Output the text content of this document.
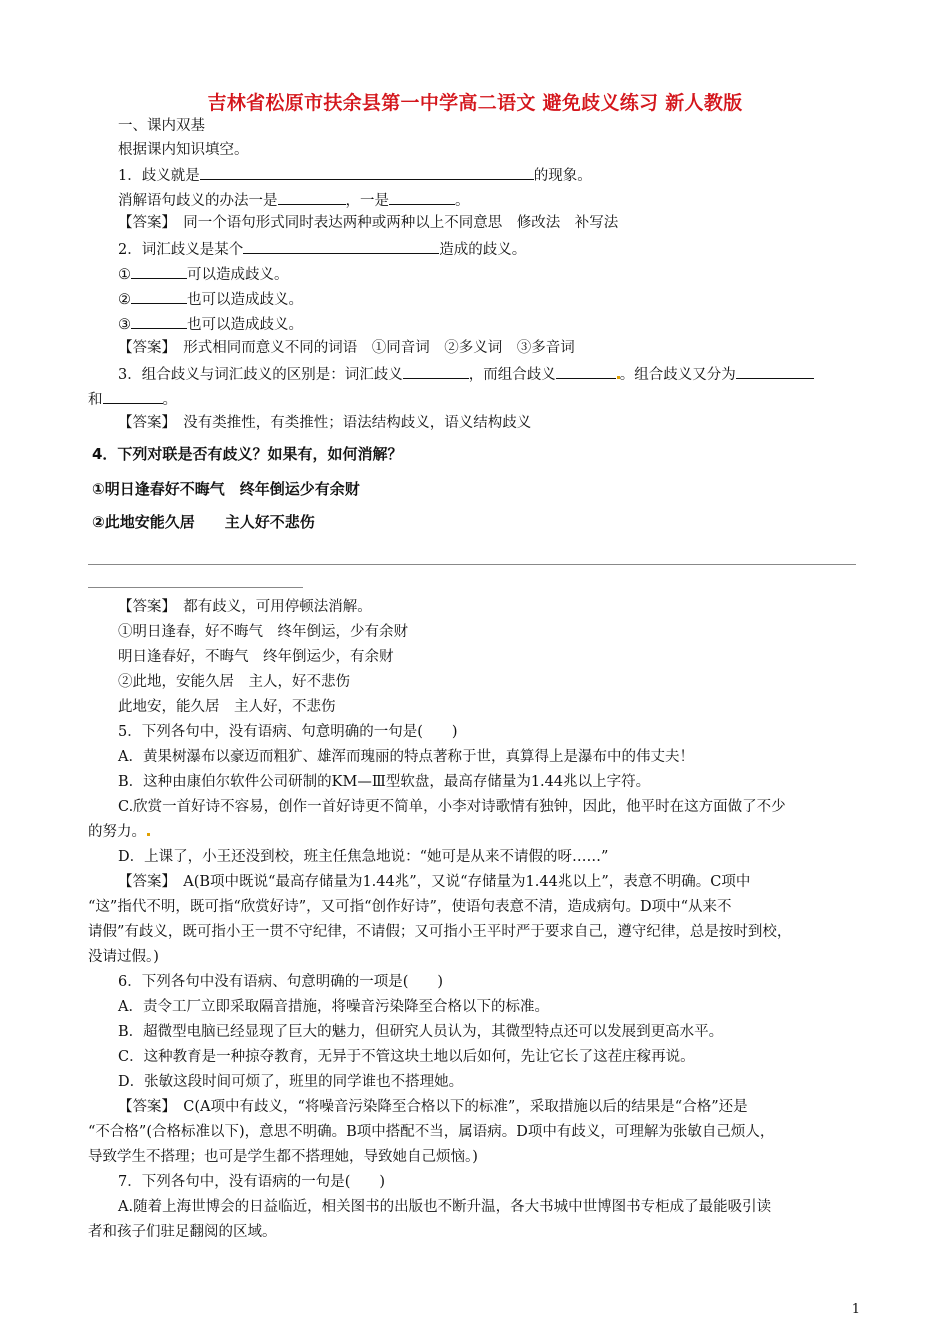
吉林省松原市扶余县第一中学高二语文 避免歧义练习 新人教版
一、课内双基
根据课内知识填空。
1．歧义就是	的现象。
消解语句歧义的办法一是	，一是	。
【答案】　同一个语句形式同时表达两种或两种以上不同意思　修改法　补写法
2．词汇歧义是某个	造成的歧义。
①	可以造成歧义。
②	也可以造成歧义。
③	也可以造成歧义。
【答案】　形式相同而意义不同的词语　①同音词　②多义词　③多音词
3．组合歧义与词汇歧义的区别是：词汇歧义	，而组合歧义	。组合歧义又分为
和	。
【答案】　没有类推性，有类推性；语法结构歧义，语义结构歧义
4．下列对联是否有歧义？如果有，如何消解？
①明日逢春好不晦气　终年倒运少有余财
②此地安能久居　　主人好不悲伤
【答案】　都有歧义，可用停顿法消解。
①明日逢春，好不晦气　终年倒运，少有余财
明日逢春好，不晦气　终年倒运少，有余财
②此地，安能久居　主人，好不悲伤
此地安，能久居　主人好，不悲伤
5．下列各句中，没有语病、句意明确的一句是(　　)
A．黄果树瀑布以豪迈而粗犷、雄浑而瑰丽的特点著称于世，真算得上是瀑布中的伟丈夫！
B．这种由康伯尔软件公司研制的KM—Ⅲ型软盘，最高存储量为1.44兆以上字符。
C.欣赏一首好诗不容易，创作一首好诗更不简单，小李对诗歌情有独钟，因此，他平时在这方面做了不少
的努力。
D．上课了，小王还没到校，班主任焦急地说：“她可是从来不请假的呀……”
【答案】　A(B项中既说“最高存储量为1.44兆”，又说“存储量为1.44兆以上”，表意不明确。C项中
“这”指代不明，既可指“欣赏好诗”，又可指“创作好诗”，使语句表意不清，造成病句。D项中“从来不
请假”有歧义，既可指小王一贯不守纪律，不请假；又可指小王平时严于要求自己，遵守纪律，总是按时到校，
没请过假。)
6．下列各句中没有语病、句意明确的一项是(　　)
A．责令工厂立即采取隔音措施，将噪音污染降至合格以下的标准。
B．超微型电脑已经显现了巨大的魅力，但研究人员认为，其微型特点还可以发展到更高水平。
C．这种教育是一种掠夺教育，无异于不管这块土地以后如何，先让它长了这茬庄稼再说。
D．张敏这段时间可烦了，班里的同学谁也不搭理她。
【答案】　C(A项中有歧义，“将噪音污染降至合格以下的标准”，采取措施以后的结果是“合格”还是
“不合格”(合格标准以下)，意思不明确。B项中搭配不当，属语病。D项中有歧义，可理解为张敏自己烦人，
导致学生不搭理；也可是学生都不搭理她，导致她自己烦恼。)
7．下列各句中，没有语病的一句是(　　)
A.随着上海世博会的日益临近，相关图书的出版也不断升温，各大书城中世博图书专柜成了最能吸引读
者和孩子们驻足翻阅的区域。
1
